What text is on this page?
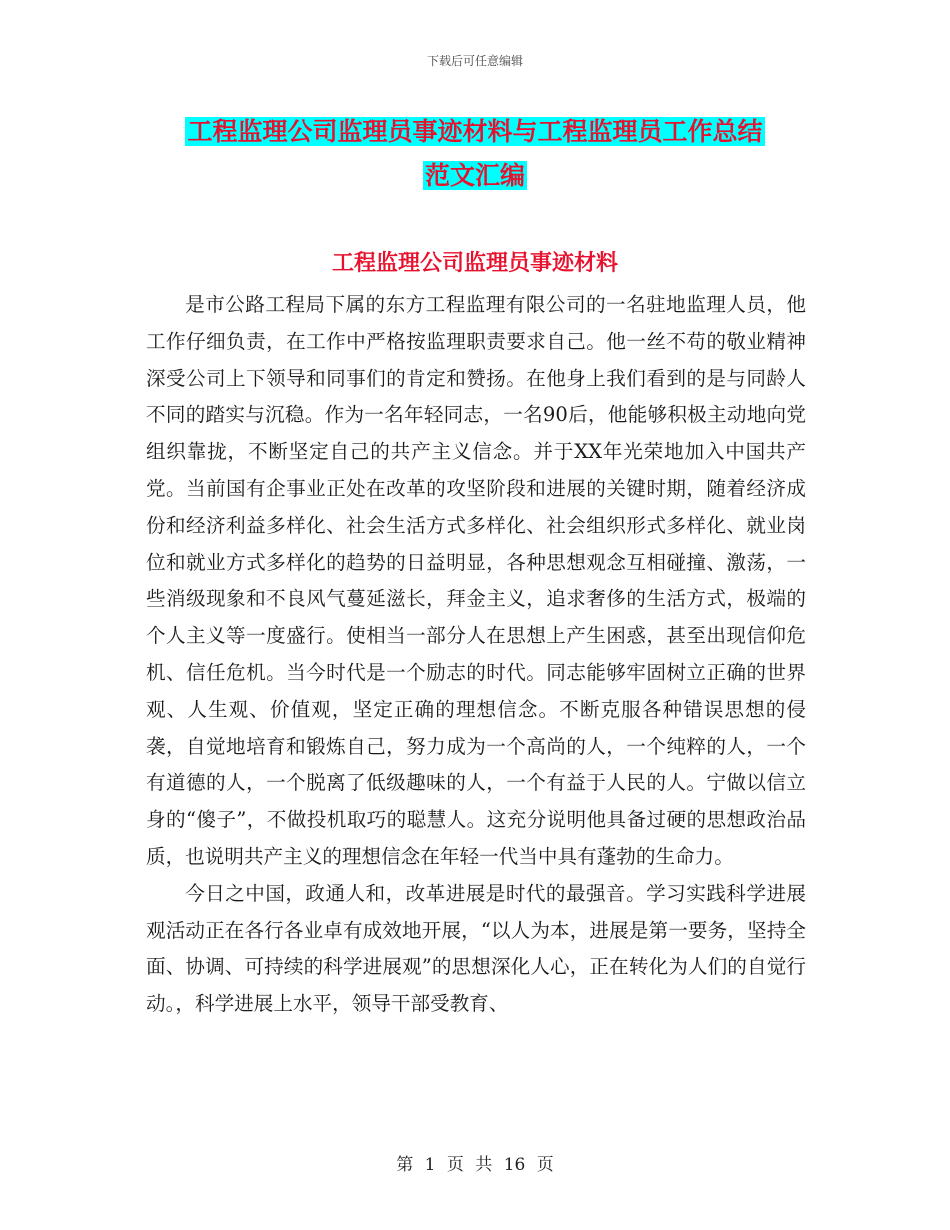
下载后可任意编辑
工程监理公司监理员事迹材料与工程监理员工作总结
范文汇编
工程监理公司监理员事迹材料

是市公路工程局下属的东方工程监理有限公司的一名驻地监理人员，他工作仔细负责，在工作中严格按监理职责要求自己。他一丝不苟的敬业精神深受公司上下领导和同事们的肯定和赞扬。在他身上我们看到的是与同龄人不同的踏实与沉稳。作为一名年轻同志，一名90后，他能够积极主动地向党组织靠拢，不断坚定自己的共产主义信念。并于XX年光荣地加入中国共产党。当前国有企事业正处在改革的攻坚阶段和进展的关键时期，随着经济成份和经济利益多样化、社会生活方式多样化、社会组织形式多样化、就业岗位和就业方式多样化的趋势的日益明显，各种思想观念互相碰撞、激荡，一些消级现象和不良风气蔓延滋长，拜金主义，追求奢侈的生活方式，极端的个人主义等一度盛行。使相当一部分人在思想上产生困惑，甚至出现信仰危机、信任危机。当今时代是一个励志的时代。同志能够牢固树立正确的世界观、人生观、价值观，坚定正确的理想信念。不断克服各种错误思想的侵袭，自觉地培育和锻炼自己，努力成为一个高尚的人，一个纯粹的人，一个有道德的人，一个脱离了低级趣味的人，一个有益于人民的人。宁做以信立身的“傻子”，不做投机取巧的聪慧人。这充分说明他具备过硬的思想政治品质，也说明共产主义的理想信念在年轻一代当中具有蓬勃的生命力。

今日之中国，政通人和，改革进展是时代的最强音。学习实践科学进展观活动正在各行各业卓有成效地开展，“以人为本，进展是第一要务，坚持全面、协调、可持续的科学进展观”的思想深化人心，正在转化为人们的自觉行动。，科学进展上水平，领导干部受教育、

第 1 页 共 16 页
